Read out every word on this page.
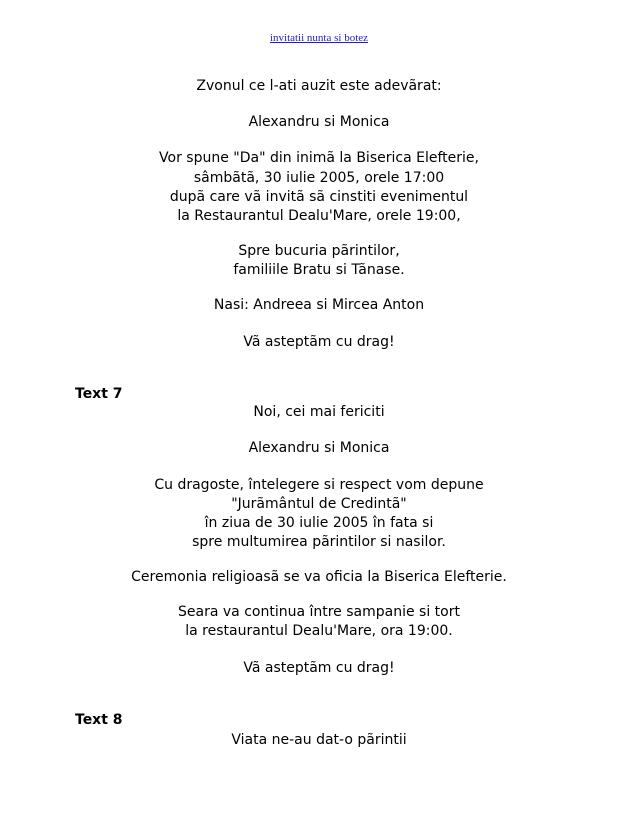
invitatii nunta si botez
Zvonul ce l-ati auzit este adevãrat:
Alexandru si Monica
Vor spune "Da" din inimã la Biserica Elefterie,
sâmbãtã, 30 iulie 2005, orele 17:00
dupã care vã invitã sã cinstiti evenimentul
la Restaurantul Dealu'Mare, orele 19:00,
Spre bucuria pãrintilor,
familiile Bratu si Tãnase.
Nasi: Andreea si Mircea Anton
Vã asteptãm cu drag!
Text 7
Noi, cei mai fericiti
Alexandru si Monica
Cu dragoste, întelegere si respect vom depune
"Jurãmântul de Credintã"
în ziua de 30 iulie 2005 în fata si
spre multumirea pãrintilor si nasilor.
Ceremonia religioasã se va oficia la Biserica Elefterie.
Seara va continua între sampanie si tort
la restaurantul Dealu'Mare, ora 19:00.
Vã asteptãm cu drag!
Text 8
Viata ne-au dat-o pãrintii
